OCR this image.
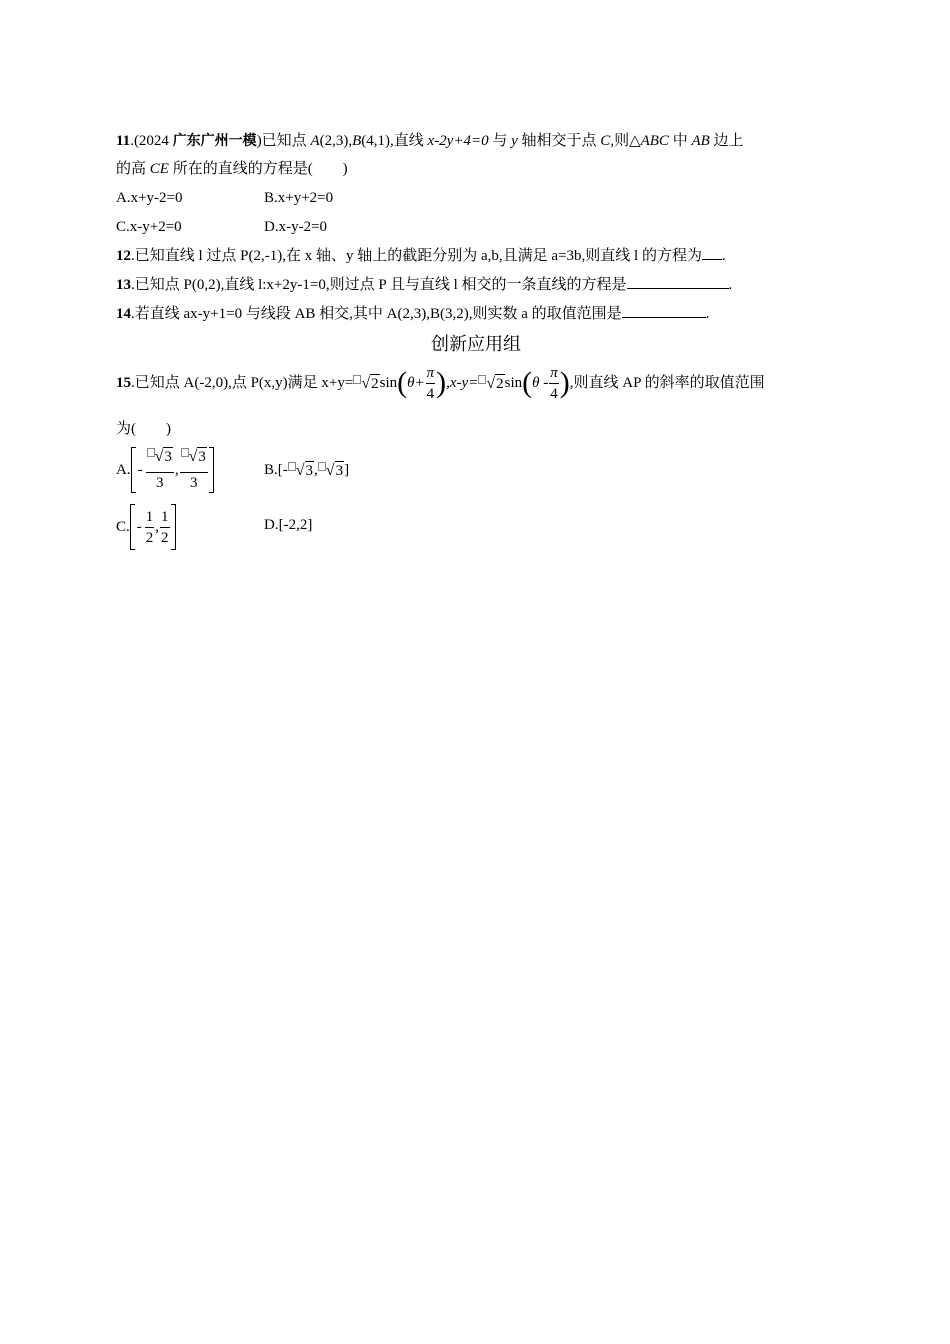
11.(2024 广东广州一模)已知点 A(2,3),B(4,1),直线 x-2y+4=0 与 y 轴相交于点 C,则△ABC 中 AB 边上
的高 CE 所在的直线的方程是(　　)
A.x+y-2=0	B.x+y+2=0
C.x-y+2=0	D.x-y-2=0
12.已知直线 l 过点 P(2,-1),在 x 轴、y 轴上的截距分别为 a,b,且满足 a=3b,则直线 l 的方程为 .
13.已知点 P(0,2),直线 l:x+2y-1=0,则过点 P 且与直线 l 相交的一条直线的方程是	.
14.若直线 ax-y+1=0 与线段 AB 相交,其中 A(2,3),B(3,2),则实数 a 的取值范围是	.
创新应用组
15 .已知点 A(-2,0),点 P(x,y)满足 x+y= √ 2 sin ( $\theta+ \frac{\pi}{4}$ ) ,x-y= √ 2 sin ( θ - $\frac{\pi}{4}$ ) ,则直线 AP 的斜率的取值范围
为(　　)
A. - $\frac{√ 3}{3}$ , $\frac{√ 3}{3}$	B.[- √ 3 , √ 3 ]
C. - $\frac{1}{2}$ , $\frac{1}{2}$	D.[-2,2]
